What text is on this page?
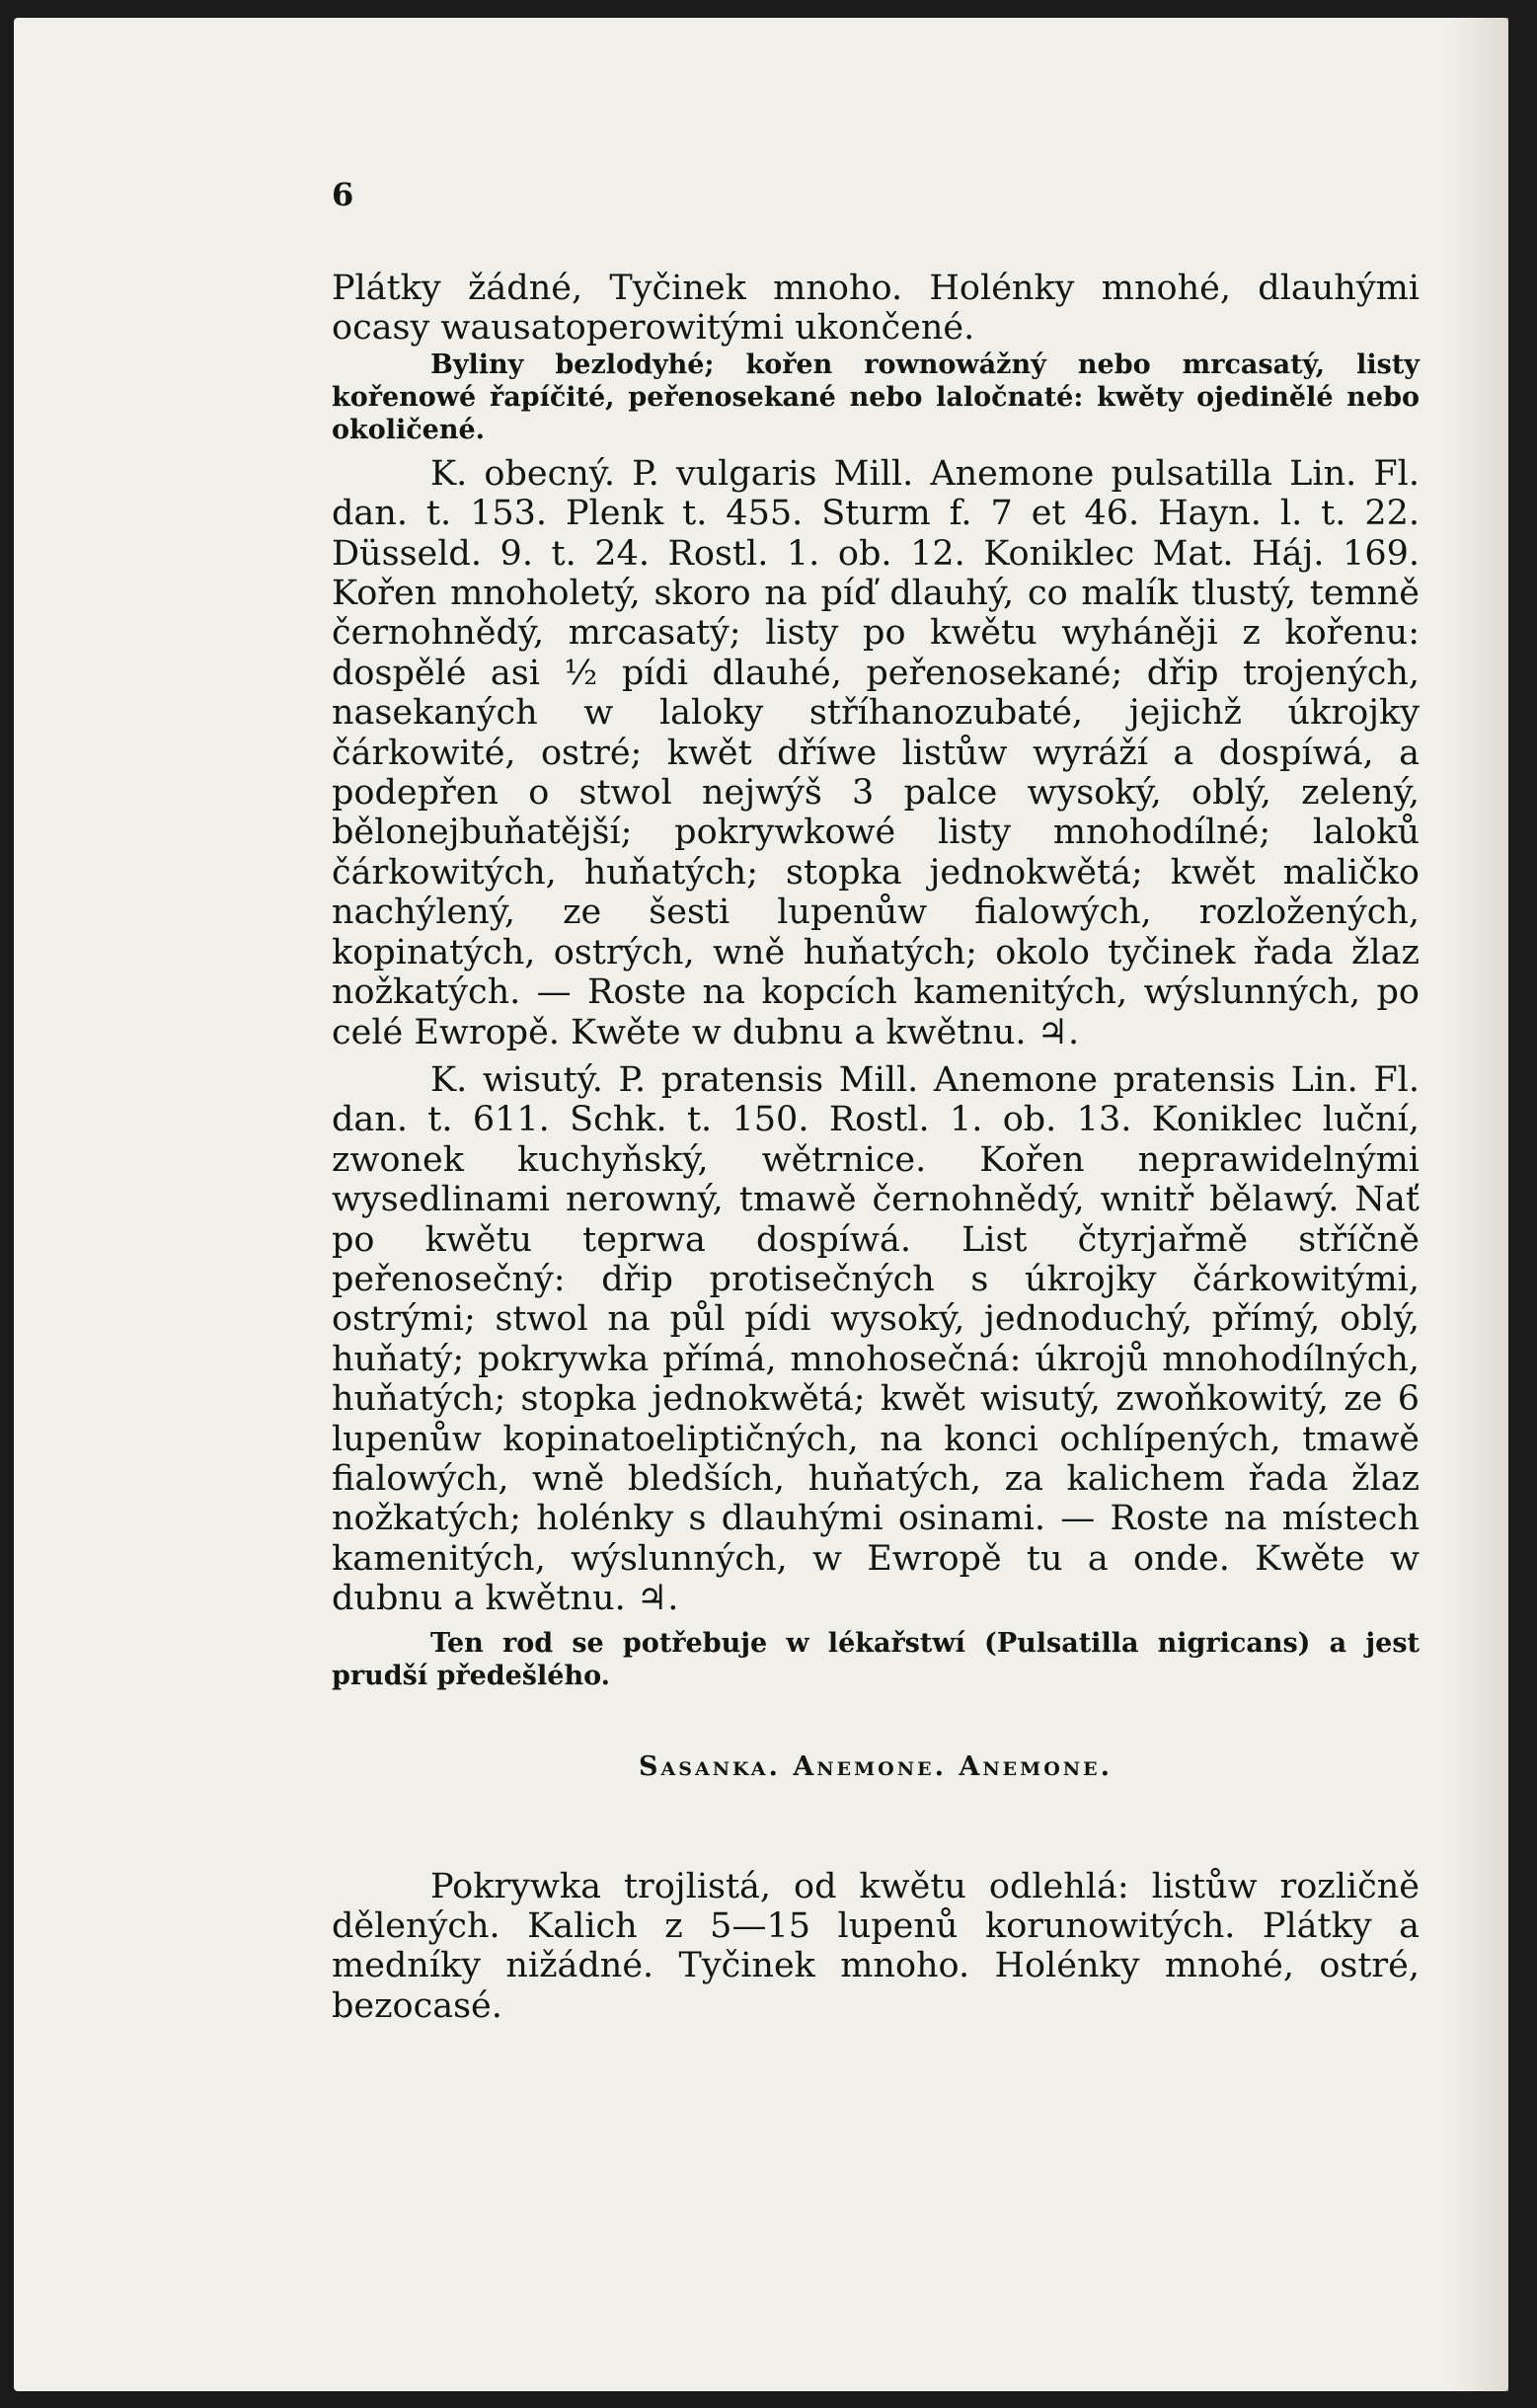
6

Plátky žádné, Tyčinek mnoho. Holénky mnohé, dlauhými ocasy wausatoperowitými ukončené.

Byliny bezlodyhé; kořen rownowážný nebo mrcasatý, listy kořenowé řapíčité, peřenosekané nebo laločnaté: kwěty ojedinělé nebo okoličené.

K. obecný. P. vulgaris Mill. Anemone pulsatilla Lin. Fl. dan. t. 153. Plenk t. 455. Sturm f. 7 et 46. Hayn. l. t. 22. Düsseld. 9. t. 24. Rostl. 1. ob. 12. Koniklec Mat. Háj. 169. Kořen mnoholetý, skoro na píď dlauhý, co malík tlustý, temně černohnědý, mrcasatý; listy po kwětu wyháněji z kořenu: dospělé asi ½ pídi dlauhé, peřenosekané; dřip trojených, nasekaných w laloky stříhanozubaté, jejichž úkrojky čárkowité, ostré; kwět dříwe listůw wyráží a dospíwá, a podepřen o stwol nejwýš 3 palce wysoký, oblý, zelený, bělonejbuňatější; pokrywkowé listy mnohodílné; laloků čárkowitých, huňatých; stopka jednokwětá; kwět maličko nachýlený, ze šesti lupenůw fialowých, rozložených, kopinatých, ostrých, wně huňatých; okolo tyčinek řada žlaz nožkatých. — Roste na kopcích kamenitých, wýslunných, po celé Ewropě. Kwěte w dubnu a kwětnu. ♃.

K. wisutý. P. pratensis Mill. Anemone pratensis Lin. Fl. dan. t. 611. Schk. t. 150. Rostl. 1. ob. 13. Koniklec luční, zwonek kuchyňský, wětrnice. Kořen neprawidelnými wysedlinami nerowný, tmawě černohnědý, wnitř bělawý. Nať po kwětu teprwa dospíwá. List čtyrjařmě stříčně peřenosečný: dřip protisečných s úkrojky čárkowitými, ostrými; stwol na půl pídi wysoký, jednoduchý, přímý, oblý, huňatý; pokrywka přímá, mnohosečná: úkrojů mnohodílných, huňatých; stopka jednokwětá; kwět wisutý, zwoňkowitý, ze 6 lupenůw kopinatoeliptičných, na konci ochlípených, tmawě fialowých, wně bledších, huňatých, za kalichem řada žlaz nožkatých; holénky s dlauhými osinami. — Roste na místech kamenitých, wýslunných, w Ewropě tu a onde. Kwěte w dubnu a kwětnu. ♃.

Ten rod se potřebuje w lékařstwí (Pulsatilla nigricans) a jest prudší předešlého.

Sasanka. Anemone. Anemone.

Pokrywka trojlistá, od kwětu odlehlá: listůw rozličně dělených. Kalich z 5—15 lupenů korunowitých. Plátky a medníky nižádné. Tyčinek mnoho. Holénky mnohé, ostré, bezocasé.
